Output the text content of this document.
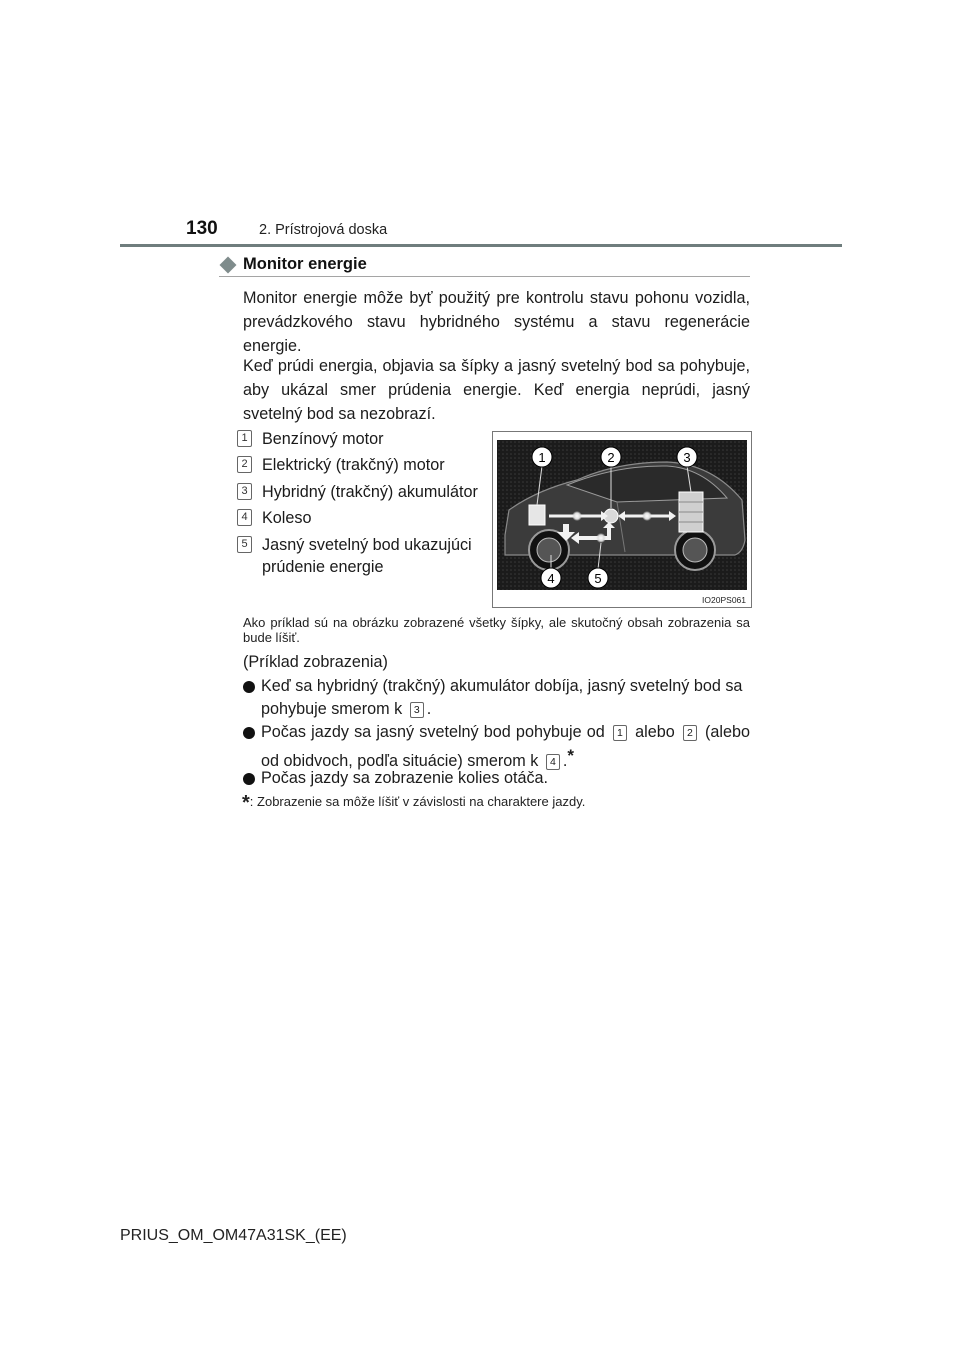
130	2. Prístrojová doska
Monitor energie
Monitor energie môže byť použitý pre kontrolu stavu pohonu vozidla, prevádzkového stavu hybridného systému a stavu regenerácie energie.
Keď prúdi energia, objavia sa šípky a jasný svetelný bod sa pohybuje, aby ukázal smer prúdenia energie. Keď energia neprúdi, jasný svetelný bod sa nezobrazí.
1 Benzínový motor
2 Elektrický (trakčný) motor
3 Hybridný (trakčný) akumulátor
4 Koleso
5 Jasný svetelný bod ukazujúci prúdenie energie
1	2	3
4	5
IO20PS061
Ako príklad sú na obrázku zobrazené všetky šípky, ale skutočný obsah zobrazenia sa bude líšiť.
(Príklad zobrazenia)
Keď sa hybridný (trakčný) akumulátor dobíja, jasný svetelný bod sa pohybuje smerom k 3 .
Počas jazdy sa jasný svetelný bod pohybuje od 1 alebo 2 (alebo od obidvoch, podľa situácie) smerom k 4 .*
Počas jazdy sa zobrazenie kolies otáča.
*: Zobrazenie sa môže líšiť v závislosti na charaktere jazdy.
PRIUS_OM_OM47A31SK_(EE)
